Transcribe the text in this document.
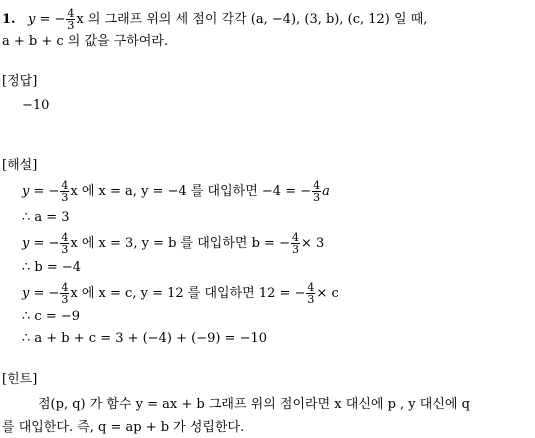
1. y = − $\frac{4}{3}$ x 의 그래프 위의 세 점이 각각 (a, −4), (3, b), (c, 12) 일 때,
a + b + c 의 값을 구하여라.
[정답]
−10
[해설]
y = − $\frac{4}{3}$ x 에 x = a, y = −4 를 대입하면 −4 = − $\frac{4}{3}$ a
∴ a = 3
y = − $\frac{4}{3}$ x 에 x = 3, y = b 를 대입하면 b = − $\frac{4}{3} \times 3$
∴ b = −4
y = − $\frac{4}{3}$ x 에 x = c, y = 12 를 대입하면 12 = − $\frac{4}{3} \times c$
∴ c = −9
∴ a + b + c = 3 + (−4) + (−9) = −10
[힌트]
점(p, q) 가 함수 y = ax + b 그래프 위의 점이라면 x 대신에 p , y 대신에 q
를 대입한다. 즉, q = ap + b 가 성립한다.
